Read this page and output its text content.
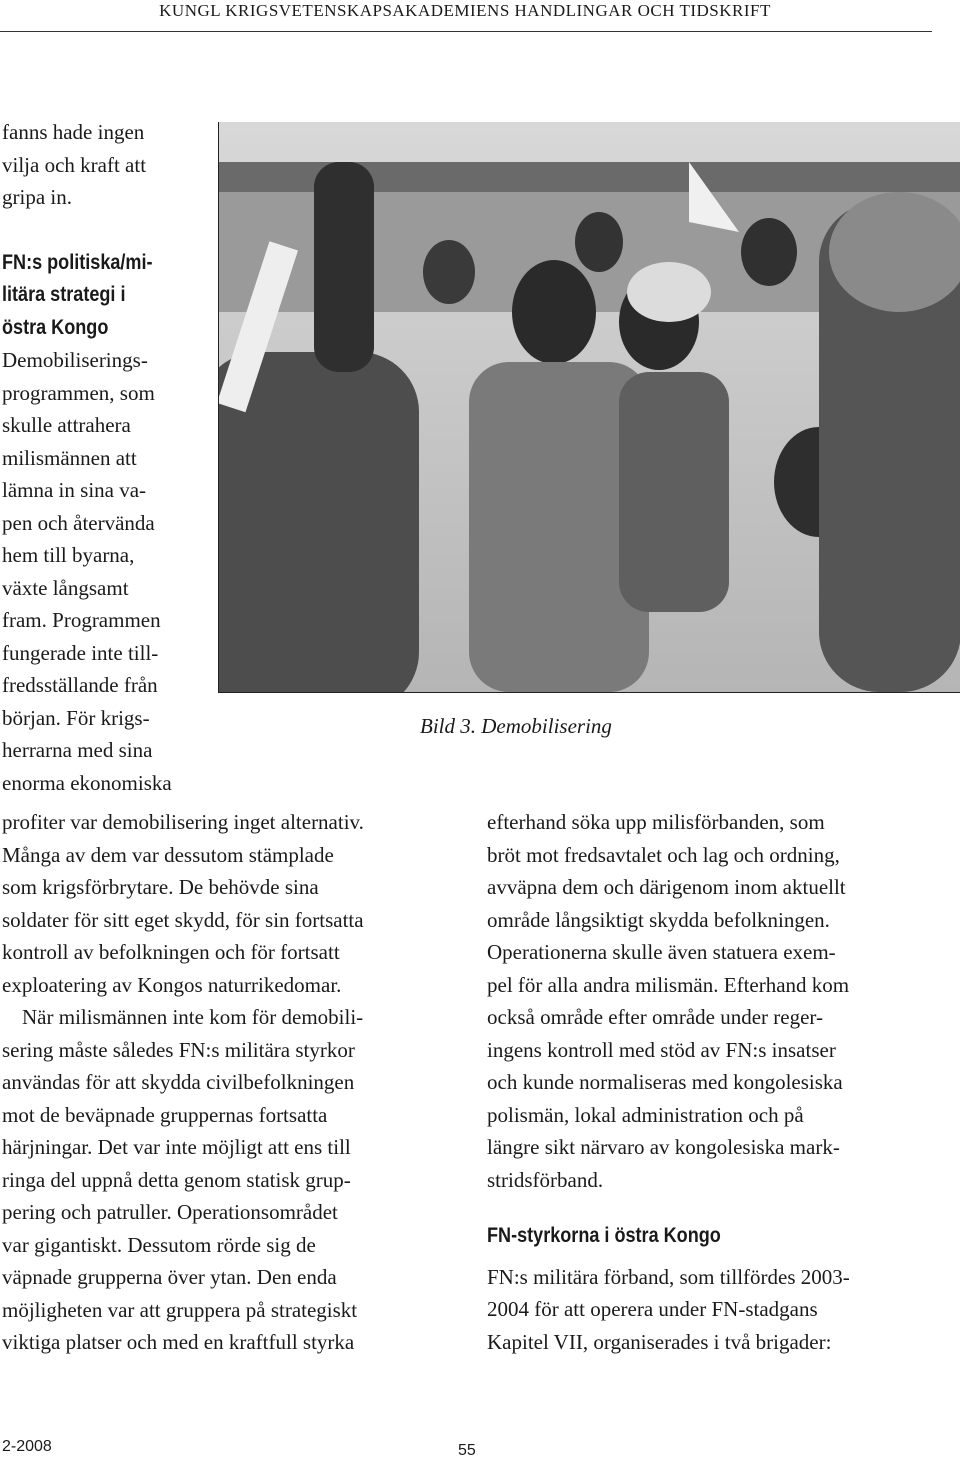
KUNGL KRIGSVETENSKAPSAKADEMIENS HANDLINGAR OCH TIDSKRIFT
fanns hade ingen
vilja och kraft att
gripa in.
FN:s politiska/mi-
litära strategi i
östra Kongo
Demobiliserings-
programmen, som
skulle attrahera
milismännen att
lämna in sina va-
pen och återvända
hem till byarna,
växte långsamt
fram. Programmen
fungerade inte till-
fredsställande från
början. För krigs-
herrarna med sina
enorma ekonomiska
profiter var demobilisering inget alternativ.
Många av dem var dessutom stämplade
som krigsförbrytare. De behövde sina
soldater för sitt eget skydd, för sin fortsatta
kontroll av befolkningen och för fortsatt
exploatering av Kongos naturrikedomar.
När milismännen inte kom för demobili-
sering måste således FN:s militära styrkor
användas för att skydda civilbefolkningen
mot de beväpnade gruppernas fortsatta
härjningar. Det var inte möjligt att ens till
ringa del uppnå detta genom statisk grup-
pering och patruller. Operationsområdet
var gigantiskt. Dessutom rörde sig de
väpnade grupperna över ytan. Den enda
möjligheten var att gruppera på strategiskt
viktiga platser och med en kraftfull styrka
Bild 3. Demobilisering
efterhand söka upp milisförbanden, som
bröt mot fredsavtalet och lag och ordning,
avväpna dem och därigenom inom aktuellt
område långsiktigt skydda befolkningen.
Operationerna skulle även statuera exem-
pel för alla andra milismän. Efterhand kom
också område efter område under reger-
ingens kontroll med stöd av FN:s insatser
och kunde normaliseras med kongolesiska
polismän, lokal administration och på
längre sikt närvaro av kongolesiska mark-
stridsförband.
FN-styrkorna i östra Kongo
FN:s militära förband, som tillfördes 2003-
2004 för att operera under FN-stadgans
Kapitel VII, organiserades i två brigader:
2-2008	55
